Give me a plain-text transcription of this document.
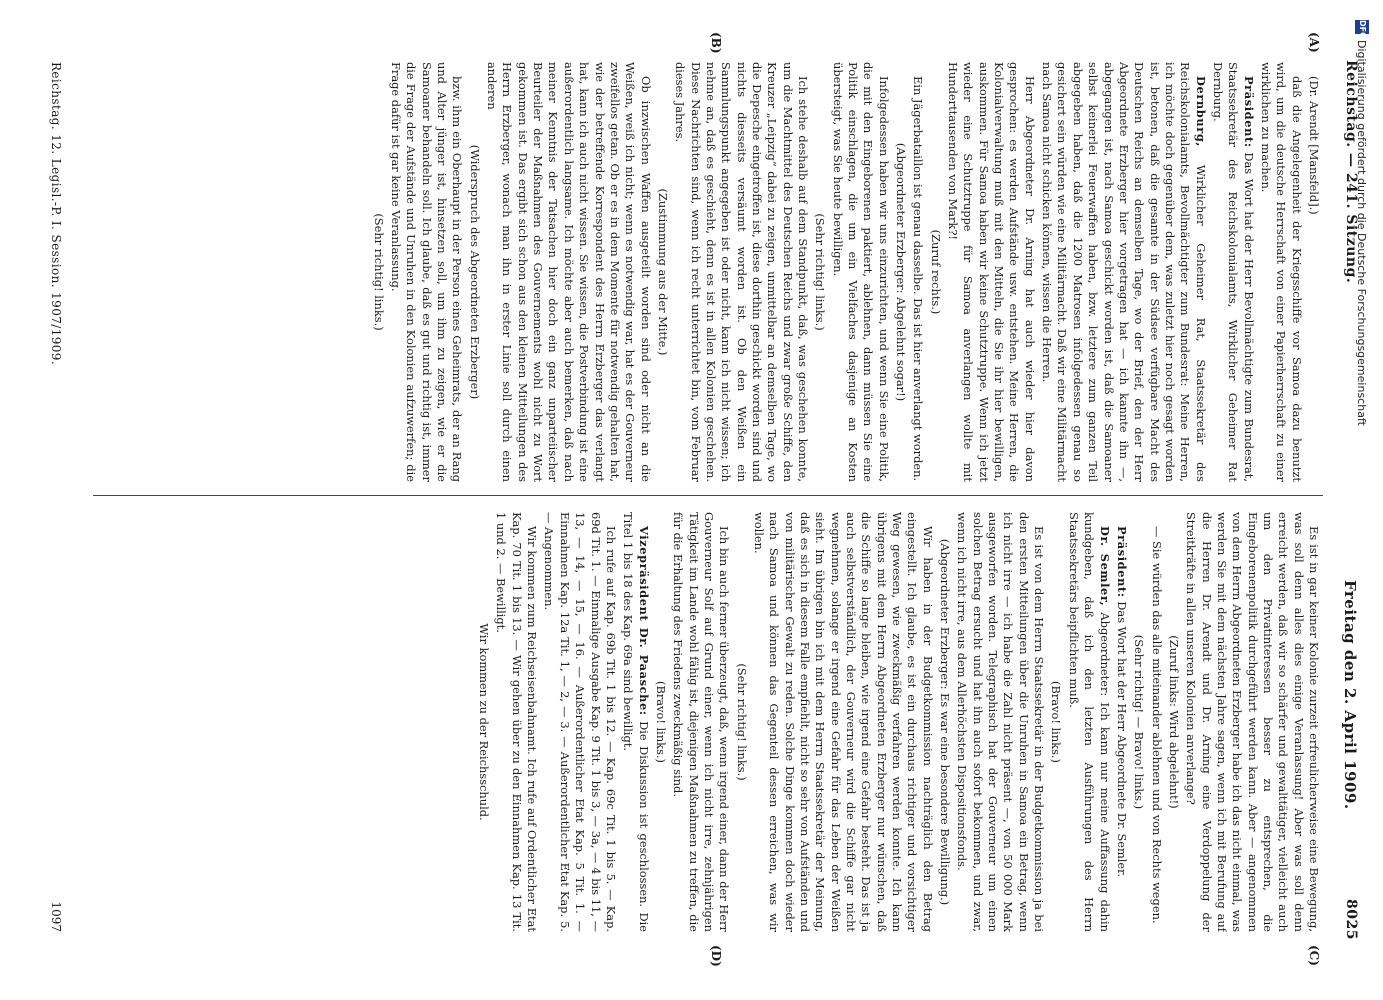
Reichstag. — 241. Sitzung.
Freitag den 2. April 1909.
8025
(A)
(B)
(C)
(D)

(Dr. Arendt [Mansfeld].)

daß die Angelegenheit der Kriegsschiffe vor Samoa dazu benutzt wird, um die deutsche Herrschaft von einer Papierherrschaft zu einer wirklichen zu machen.

Präsident: Das Wort hat der Herr Bevollmächtigte zum Bundesrat, Staatssekretär des Reichskolonialamts, Wirklicher Geheimer Rat Dernburg.

Dernburg, Wirklicher Geheimer Rat, Staatssekretär des Reichskolonialamts, Bevollmächtigter zum Bundesrat: Meine Herren, ich möchte doch gegenüber dem, was zuletzt hier noch gesagt worden ist, betonen, daß die gesamte in der Südsee verfügbare Macht des Deutschen Reichs an demselben Tage, wo der Brief, den der Herr Abgeordnete Erzberger hier vorgetragen hat — ich kannte ihn —, abgegangen ist, nach Samoa geschickt worden ist, daß die Samoaner selbst keinerlei Feuerwaffen haben, bzw. letztere zum ganzen Teil abgegeben haben, daß die 1200 Matrosen infolgedessen genau so gesichert sein würden wie eine Militärmacht. Daß wir eine Militärmacht nach Samoa nicht schicken können, wissen die Herren.

Herr Abgeordneter Dr. Arning hat auch wieder hier davon gesprochen: es werden Aufstände usw. entstehen. Meine Herren, die Kolonialverwaltung muß mit den Mitteln, die Sie ihr hier bewilligen, auskommen. Für Samoa haben wir keine Schutztruppe. Wenn ich jetzt wieder eine Schutztruppe für Samoa anverlangen wollte mit Hunderttausenden von Mark?!

(Zuruf rechts.)

Ein Jägerbataillon ist genau dasselbe. Das ist hier anverlangt worden.

(Abgeordneter Erzberger: Abgelehnt sogar!)

Infolgedessen haben wir uns einzurichten, und wenn Sie eine Politik, die mit den Eingeborenen paktiert, ablehnen, dann müssen Sie eine Politik einschlagen, die um ein Vielfaches dasjenige an Kosten übersteigt, was Sie heute bewilligen.

(Sehr richtig! links.)

Ich stehe deshalb auf dem Standpunkt, daß, was geschehen konnte, um die Machtmittel des Deutschen Reichs und zwar große Schiffe, den Kreuzer „Leipzig“ dabei zu zeigen, unmittelbar an demselben Tage, wo die Depesche eingetroffen ist, diese dorthin geschickt worden sind und nichts diesseits versäumt worden ist. Ob den Weißen ein Sammlungspunkt angegeben ist oder nicht, kann ich nicht wissen; ich nehme an, daß es geschieht, denn es ist in allen Kolonien geschehen. Diese Nachrichten sind, wenn ich recht unterrichtet bin, vom Februar dieses Jahres.

(Zustimmung aus der Mitte.)

Ob inzwischen Waffen ausgeteilt worden sind oder nicht an die Weißen, weiß ich nicht; wenn es notwendig war, hat es der Gouverneur zweifellos getan. Ob er es in dem Momente für notwendig gehalten hat, wie der betreffende Korrespondent des Herrn Erzberger das verlangt hat, kann ich auch nicht wissen. Sie wissen, die Postverbindung ist eine außerordentlich langsame. Ich möchte aber auch bemerken, daß nach meiner Kenntnis der Tatsachen hier doch ein ganz unparteiischer Beurteiler der Maßnahmen des Gouvernements wohl nicht zu Wort gekommen ist. Das ergibt sich schon aus den kleinen Mitteilungen des Herrn Erzberger, wonach man ihn in erster Linie soll durch einen anderen

(Widerspruch des Abgeordneten Erzberger)

bzw. ihm ein Oberhaupt in der Person eines Geheimrats, der an Rang und Alter jünger ist, hinsetzen soll, um ihm zu zeigen, wie er die Samoaner behandeln soll. Ich glaube, daß es gut und richtig ist, immer die Frage der Aufstände und Unruhen in den Kolonien aufzuwerfen; die Frage dafür ist gar keine Veranlassung.

(Sehr richtig! links.)

Es ist in gar keiner Kolonie zurzeit erfreulicherweise eine Bewegung, was soll denn alles dies einige Veranlassung! Aber was soll denn erreicht werden, daß wir so schärfer und gewalttätiger, vielleicht auch um den Privatinteressen besser zu entsprechen, die Eingeborenenpolitik durchgeführt werden kann. Aber — angenommen von dem Herrn Abgeordneten Erzberger habe ich das nicht einmal, was werden Sie mit dem nächsten Jahre sagen, wenn ich mit Berufung auf die Herren Dr. Arendt und Dr. Arning eine Verdoppelung der Streitkräfte in allen unseren Kolonien anverlange?

(Zuruf links: Wird abgelehnt!)

— Sie würden das alle miteinander ablehnen und von Rechts wegen.

(Sehr richtig! — Bravo! links.)

Präsident: Das Wort hat der Herr Abgeordnete Dr. Semler.

Dr. Semler, Abgeordneter: Ich kann nur meine Auffassung dahin kundgeben, daß ich den letzten Ausführungen des Herrn Staatssekretärs beipflichten muß.

(Bravo! links.)

Es ist von dem Herrn Staatssekretär in der Budgetkommission ja bei den ersten Mitteilungen über die Unruhen in Samoa ein Betrag, wenn ich nicht irre — ich habe die Zahl nicht präsent —, von 50 000 Mark ausgeworfen worden. Telegraphisch hat der Gouverneur um einen solchen Betrag ersucht und hat ihn auch sofort bekommen, und zwar, wenn ich nicht irre, aus dem Allerhöchsten Dispositionsfonds.

(Abgeordneter Erzberger: Es war eine besondere Bewilligung.)

Wir haben in der Budgetkommission nachträglich den Betrag eingestellt. Ich glaube, es ist ein durchaus richtiger und vorsichtiger Weg gewesen, wie zweckmäßig verfahren werden konnte. Ich kann übrigens mit dem Herrn Abgeordneten Erzberger nur wünschen, daß die Schiffe so lange bleiben, wie irgend eine Gefahr besteht. Das ist ja auch selbstverständlich, der Gouverneur wird die Schiffe gar nicht wegnehmen, solange er irgend eine Gefahr für das Leben der Weißen sieht. Im übrigen bin ich mit dem Herrn Staatssekretär der Meinung, daß es sich in diesem Falle empfiehlt, nicht so sehr von Aufständen und von militärischer Gewalt zu reden. Solche Dinge kommen doch wieder nach Samoa und können das Gegenteil dessen erreichen, was wir wollen.

(Sehr richtig! links.)

Ich bin auch ferner überzeugt, daß, wenn irgend einer, dann der Herr Gouverneur Solf auf Grund einer, wenn ich nicht irre, zehnjährigen Tätigkeit im Lande wohl fähig ist, diejenigen Maßnahmen zu treffen, die für die Erhaltung des Friedens zweckmäßig sind.

(Bravo! links.)

Vizepräsident Dr. Paasche: Die Diskussion ist geschlossen. Die Titel 1 bis 18 des Kap. 69a sind bewilligt.

Ich rufe auf Kap. 69b Tit. 1 bis 12. — Kap. 69c Tit. 1 bis 5. — Kap. 69d Tit. 1. — Einmalige Ausgabe Kap. 9 Tit. 1 bis 3, — 3a, — 4 bis 11, — 13, — 14, — 15, — 16. — Außerordentlicher Etat Kap. 5 Tit. 1. — Einnahmen Kap. 12a Tit. 1, — 2, — 3. — Außerordentlicher Etat Kap. 5. — Angenommen.

Wir kommen zum Reichseisenbahnamt. Ich rufe auf Ordentlicher Etat Kap. 70 Tit. 1 bis 13. — Wir gehen über zu den Einnahmen Kap. 13 Tit. 1 und 2. — Bewilligt.

Wir kommen zu der Reichsschuld.

Reichstag. 12. Legisl.-P. I. Session. 1907/1909.
1097
DFG
Digitalisierung gefördert durch die Deutsche Forschungsgemeinschaft
